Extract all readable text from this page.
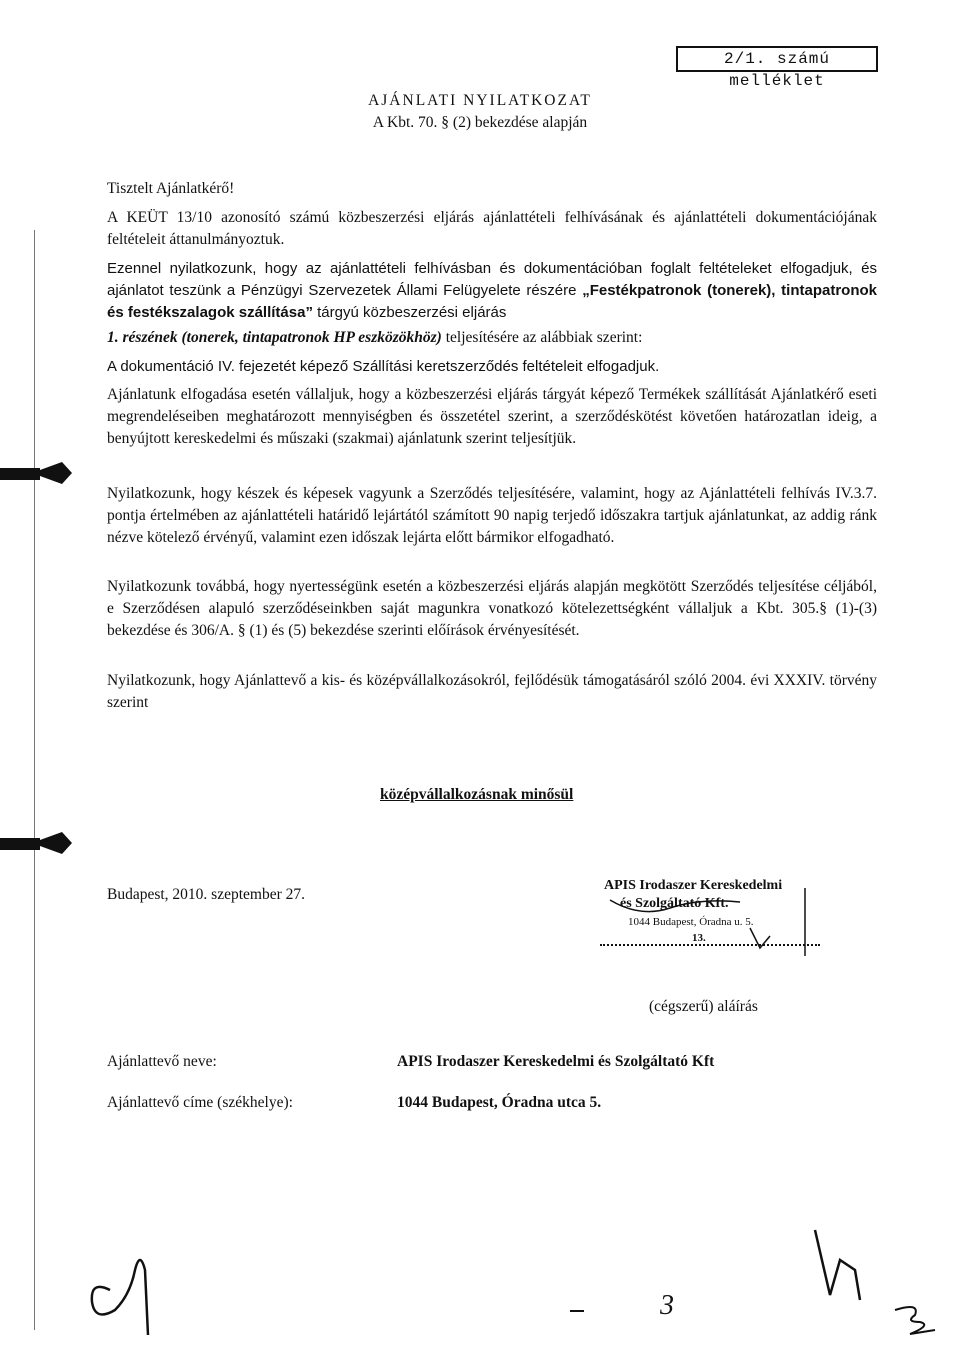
2/1. számú melléklet
AJÁNLATI NYILATKOZAT
A Kbt. 70. § (2) bekezdése alapján

Tisztelt Ajánlatkérő!

A KEÜT 13/10 azonosító számú közbeszerzési eljárás ajánlattételi felhívásának és ajánlattételi dokumentációjának feltételeit áttanulmányoztuk.

Ezennel nyilatkozunk, hogy az ajánlattételi felhívásban és dokumentációban foglalt feltételeket elfogadjuk, és ajánlatot teszünk a Pénzügyi Szervezetek Állami Felügyelete részére „Festékpatronok (tonerek), tintapatronok és festékszalagok szállítása” tárgyú közbeszerzési eljárás

1. részének (tonerek, tintapatronok HP eszközökhöz) teljesítésére az alábbiak szerint:

A dokumentáció IV. fejezetét képező Szállítási keretszerződés feltételeit elfogadjuk.

Ajánlatunk elfogadása esetén vállaljuk, hogy a közbeszerzési eljárás tárgyát képező Termékek szállítását Ajánlatkérő eseti megrendeléseiben meghatározott mennyiségben és összetétel szerint, a szerződéskötést követően határozatlan ideig, a benyújtott kereskedelmi és műszaki (szakmai) ajánlatunk szerint teljesítjük.

Nyilatkozunk, hogy készek és képesek vagyunk a Szerződés teljesítésére, valamint, hogy az Ajánlattételi felhívás IV.3.7. pontja értelmében az ajánlattételi határidő lejártától számított 90 napig terjedő időszakra tartjuk ajánlatunkat, az addig ránk nézve kötelező érvényű, valamint ezen időszak lejárta előtt bármikor elfogadható.

Nyilatkozunk továbbá, hogy nyertességünk esetén a közbeszerzési eljárás alapján megkötött Szerződés teljesítése céljából, e Szerződésen alapuló szerződéseinkben saját magunkra vonatkozó kötelezettségként vállaljuk a Kbt. 305.§ (1)-(3) bekezdése és 306/A. § (1) és (5) bekezdése szerinti előírások érvényesítését.

Nyilatkozunk, hogy Ajánlattevő a kis- és középvállalkozásokról, fejlődésük támogatásáról szóló 2004. évi XXXIV. törvény szerint

középvállalkozásnak minősül
Budapest, 2010. szeptember 27.
APIS Irodaszer Kereskedelmi
és Szolgáltató Kft.
1044 Budapest, Óradna u. 5.
13.
(cégszerű) aláírás
Ajánlattevő neve:	APIS Irodaszer Kereskedelmi és Szolgáltató Kft
Ajánlattevő címe (székhelye):	1044 Budapest, Óradna utca 5.
3
